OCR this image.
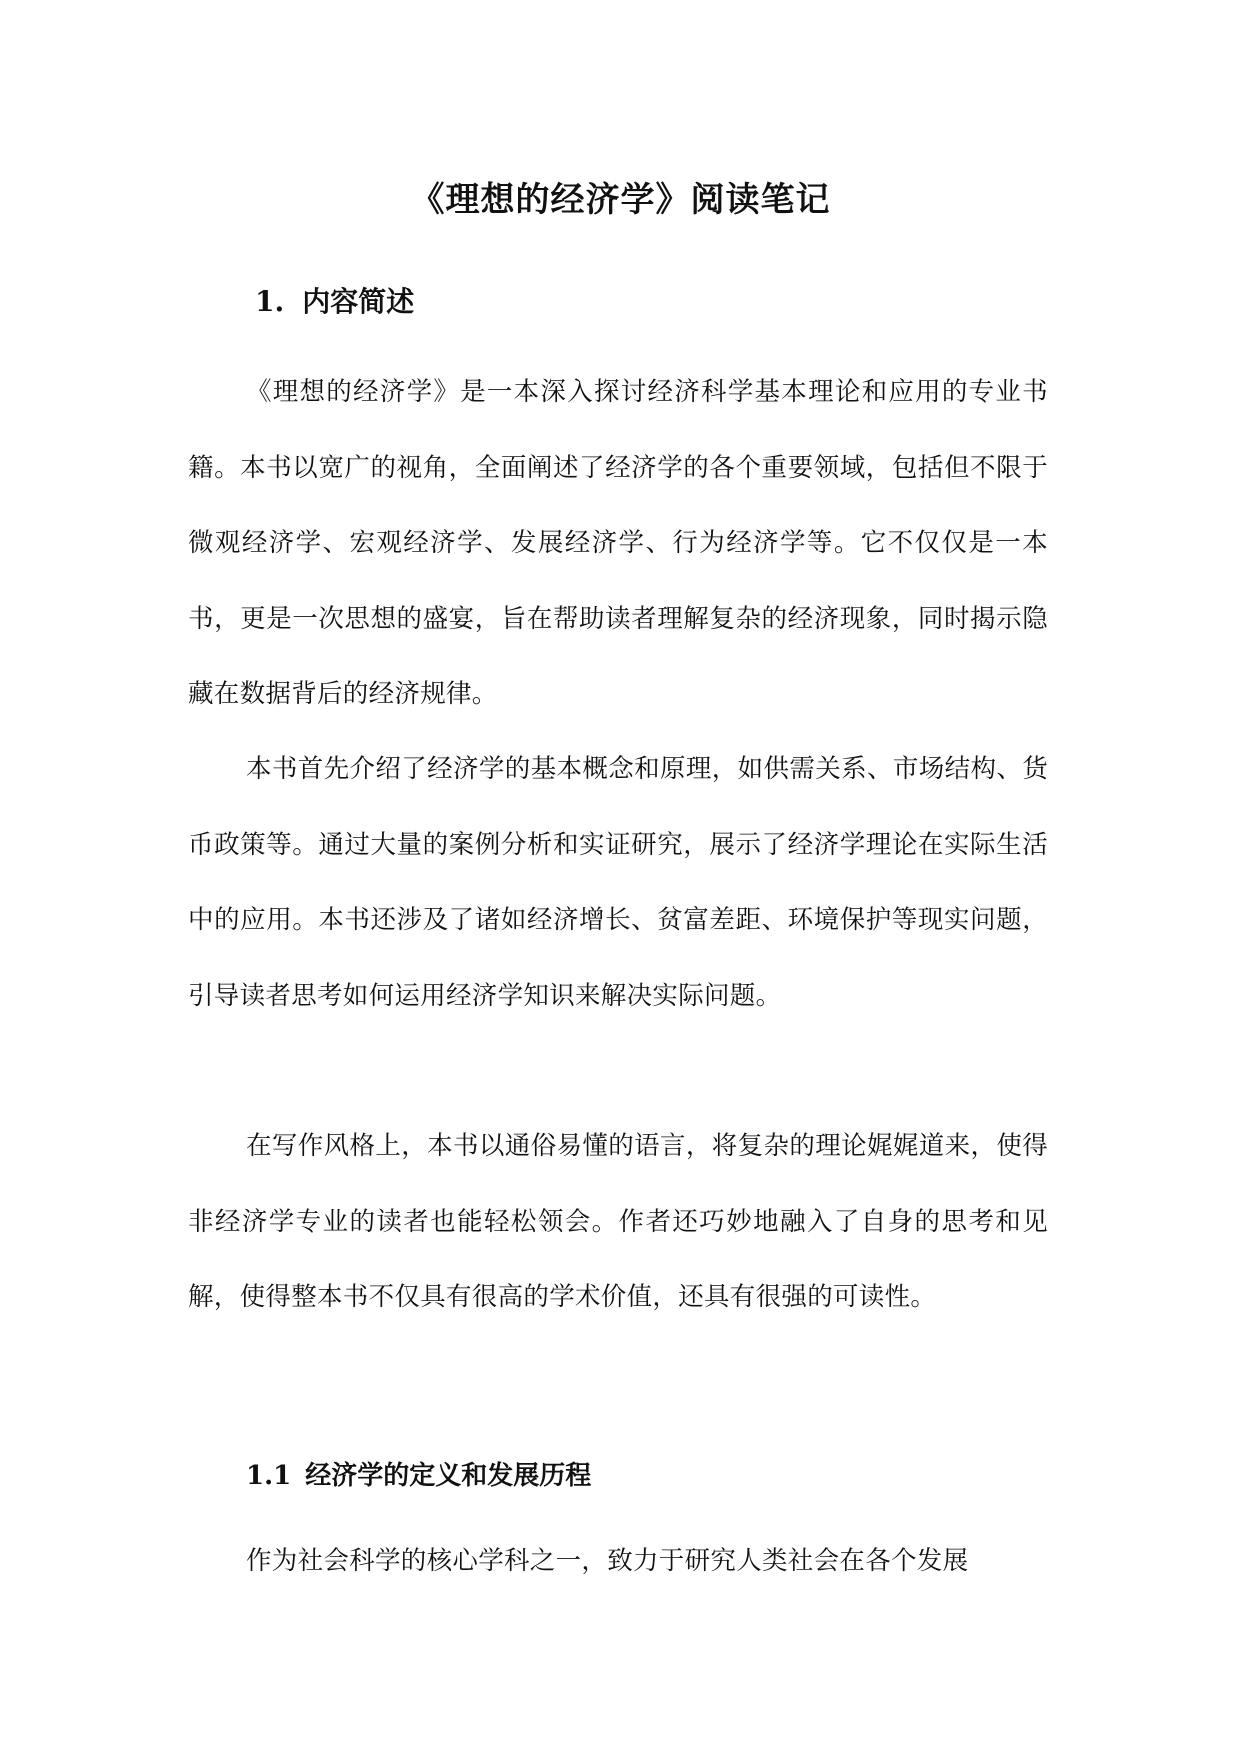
《理想的经济学》阅读笔记
1. 内容简述

《理想的经济学》是一本深入探讨经济科学基本理论和应用的专业书籍。本书以宽广的视角，全面阐述了经济学的各个重要领域，包括但不限于微观经济学、宏观经济学、发展经济学、行为经济学等。它不仅仅是一本书，更是一次思想的盛宴，旨在帮助读者理解复杂的经济现象，同时揭示隐藏在数据背后的经济规律。

本书首先介绍了经济学的基本概念和原理，如供需关系、市场结构、货币政策等。通过大量的案例分析和实证研究，展示了经济学理论在实际生活中的应用。本书还涉及了诸如经济增长、贫富差距、环境保护等现实问题，引导读者思考如何运用经济学知识来解决实际问题。

在写作风格上，本书以通俗易懂的语言，将复杂的理论娓娓道来，使得非经济学专业的读者也能轻松领会。作者还巧妙地融入了自身的思考和见解，使得整本书不仅具有很高的学术价值，还具有很强的可读性。

1.1 经济学的定义和发展历程

作为社会科学的核心学科之一，致力于研究人类社会在各个发展
